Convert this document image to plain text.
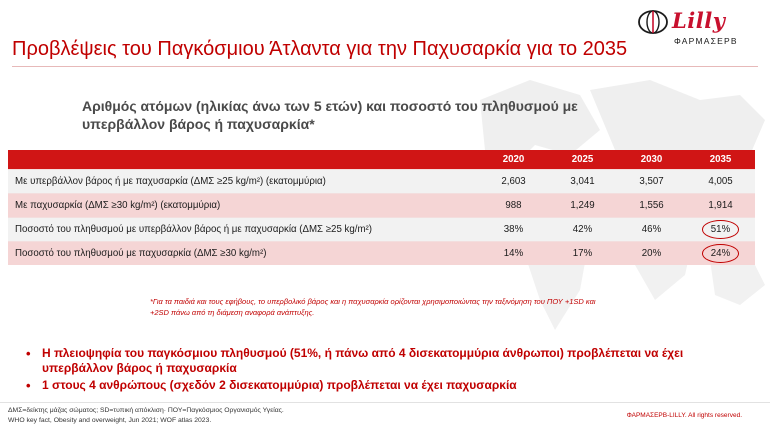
Lilly
ΦΑΡΜΑΣΕΡΒ
Προβλέψεις του Παγκόσμιου Άτλαντα για την Παχυσαρκία για το 2035
Αριθμός ατόμων (ηλικίας άνω των 5 ετών) και ποσοστό του πληθυσμού με υπερβάλλον βάρος ή παχυσαρκία*
	2020	2025	2030	2035
Με υπερβάλλον βάρος ή με παχυσαρκία (ΔΜΣ ≥25 kg/m²) (εκατομμύρια)	2,603	3,041	3,507	4,005
Με παχυσαρκία (ΔΜΣ ≥30 kg/m²) (εκατομμύρια)	988	1,249	1,556	1,914
Ποσοστό του πληθυσμού με υπερβάλλον βάρος ή με παχυσαρκία (ΔΜΣ ≥25 kg/m²)	38%	42%	46%	51%
Ποσοστό του πληθυσμού με παχυσαρκία (ΔΜΣ ≥30 kg/m²)	14%	17%	20%	24%
*Για τα παιδιά και τους εφήβους, το υπερβολικό βάρος και η παχυσαρκία ορίζονται χρησιμοποιώντας την ταξινόμηση του ΠΟΥ +1SD και +2SD πάνω από τη διάμεση αναφορά ανάπτυξης.
• Η πλειοψηφία του παγκόσμιου πληθυσμού (51%, ή πάνω από 4 δισεκατομμύρια άνθρωποι) προβλέπεται να έχει υπερβάλλον βάρος ή παχυσαρκία
• 1 στους 4 ανθρώπους (σχεδόν 2 δισεκατομμύρια) προβλέπεται να έχει παχυσαρκία
ΔΜΣ=δείκτης μάζας σώματος; SD=τυπική απόκλιση· ΠΟΥ=Παγκόσμιος Οργανισμός Υγείας.
WHO key fact, Obesity and overweight, Jun 2021; WOF atlas 2023.
ΦΑΡΜΑΣΕΡΒ-LILLY. All rights reserved.
